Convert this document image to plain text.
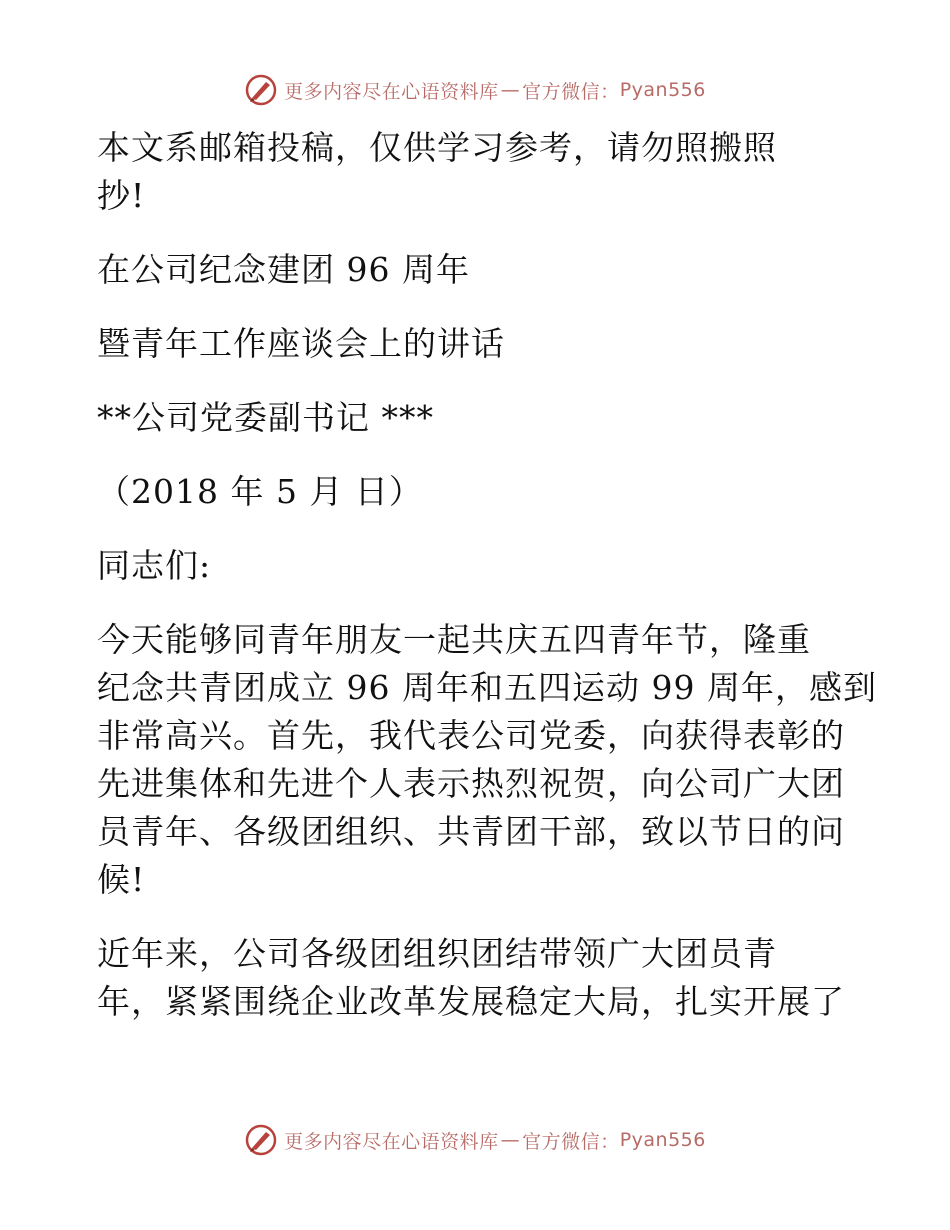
更多内容尽在心语资料库 — 官方微信： Pyan556
本文系邮箱投稿，仅供学习参考，请勿照搬照
抄!
在公司纪念建团 96 周年
暨青年工作座谈会上的讲话
**公司党委副书记 ***
（2018 年 5 月 日）
同志们:
今天能够同青年朋友一起共庆五四青年节，隆重
纪念共青团成立 96 周年和五四运动 99 周年，感到
非常高兴。首先，我代表公司党委，向获得表彰的
先进集体和先进个人表示热烈祝贺，向公司广大团
员青年、各级团组织、共青团干部，致以节日的问
候!
近年来，公司各级团组织团结带领广大团员青
年，紧紧围绕企业改革发展稳定大局，扎实开展了
更多内容尽在心语资料库 — 官方微信： Pyan556
